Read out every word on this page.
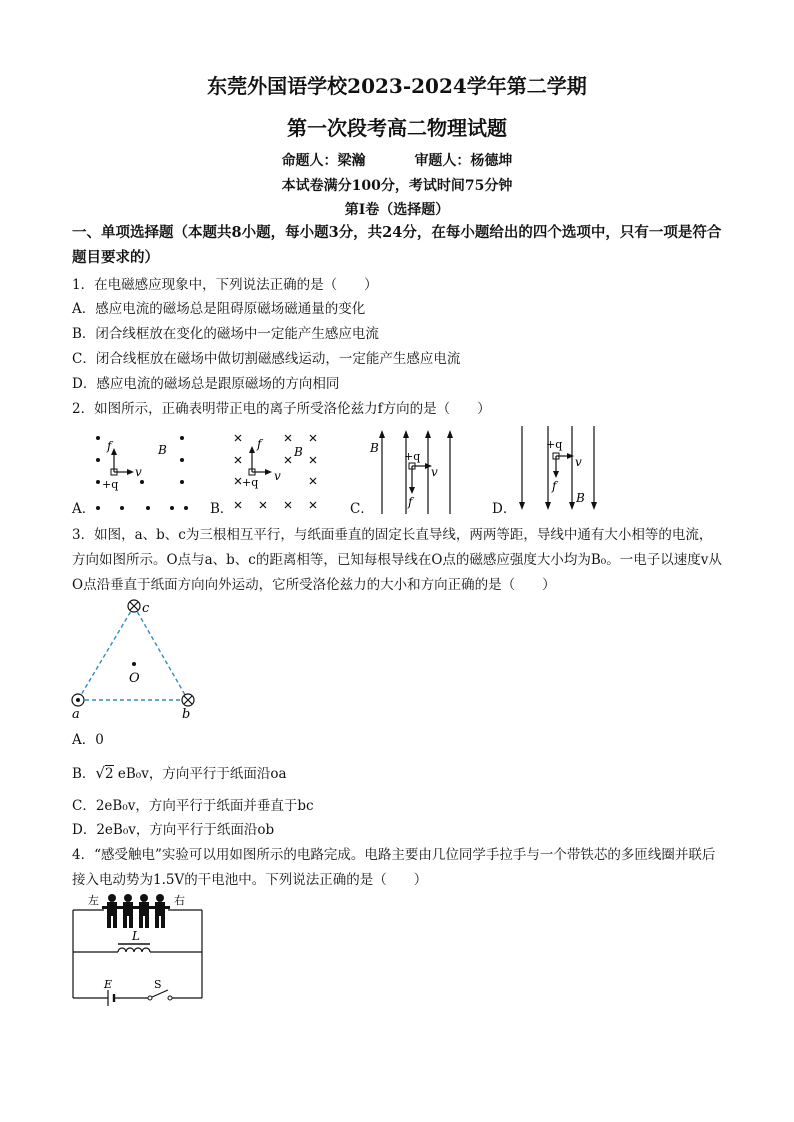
东莞外国语学校2023-2024学年第二学期
第一次段考高二物理试题
命题人：梁瀚	审题人：杨德坤
本试卷满分100分，考试时间75分钟
第I卷（选择题）
一、单项选择题（本题共8小题，每小题3分，共24分，在每小题给出的四个选项中，只有一项是符合题目要求的）
1．在电磁感应现象中，下列说法正确的是（　　）
A．感应电流的磁场总是阻碍原磁场磁通量的变化
B．闭合线框放在变化的磁场中一定能产生感应电流
C．闭合线框放在磁场中做切割磁感线运动，一定能产生感应电流
D．感应电流的磁场总是跟原磁场的方向相同
2．如图所示，正确表明带正电的离子所受洛伦兹力f方向的是（　　）
A．
f
v
B
+q
B．
f
v
B
+q
C．
B
+q
v
f	D．
+q
v
f
B
3．如图，a、b、c为三根相互平行，与纸面垂直的固定长直导线，两两等距，导线中通有大小相等的电流，方向如图所示。O点与a、b、c的距离相等，已知每根导线在O点的磁感应强度大小均为B₀。一电子以速度v从O点沿垂直于纸面方向向外运动，它所受洛伦兹力的大小和方向正确的是（　　）
c
O
a	b
A．0
B．√2 eB₀v，方向平行于纸面沿oa
C．2eB₀v，方向平行于纸面并垂直于bc
D．2eB₀v，方向平行于纸面沿ob
4．“感受触电”实验可以用如图所示的电路完成。电路主要由几位同学手拉手与一个带铁芯的多匝线圈并联后接入电动势为1.5V的干电池中。下列说法正确的是（　　）
左	右
L
E	S
